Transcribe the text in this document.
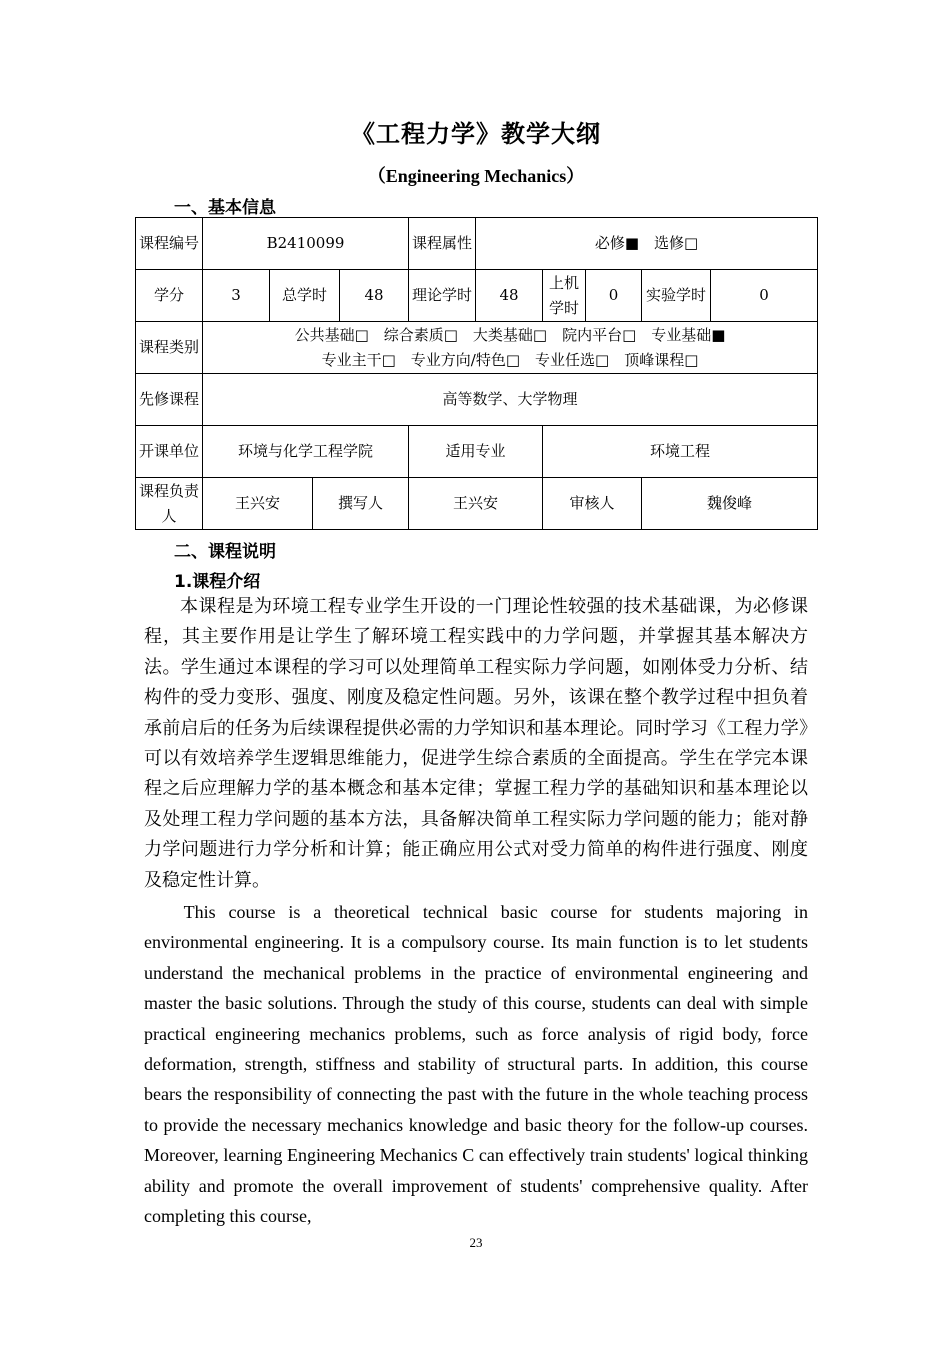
《工程力学》教学大纲
（Engineering Mechanics）
一、基本信息
课程编号	B2410099				课程属性	必修■　选修□				
学分	3	总学时		48	理论学时	48	上机学时	0	实验学时	0
课程类别	公共基础□　综合素质□　大类基础□　院内平台□　专业基础■
专业主干□　专业方向/特色□　专业任选□　顶峰课程□									

先修课程	高等数学、大学物理									
开课单位	环境与化学工程学院				适用专业		环境工程			
课程负责人	王兴安		撰写人		王兴安		审核人		魏俊峰	
二、课程说明
1.课程介绍

本课程是为环境工程专业学生开设的一门理论性较强的技术基础课，为必修课程，其主要作用是让学生了解环境工程实践中的力学问题，并掌握其基本解决方法。学生通过本课程的学习可以处理简单工程实际力学问题，如刚体受力分析、结构件的受力变形、强度、刚度及稳定性问题。另外，该课在整个教学过程中担负着承前启后的任务为后续课程提供必需的力学知识和基本理论。同时学习《工程力学》可以有效培养学生逻辑思维能力，促进学生综合素质的全面提高。学生在学完本课程之后应理解力学的基本概念和基本定律；掌握工程力学的基础知识和基本理论以及处理工程力学问题的基本方法，具备解决简单工程实际力学问题的能力；能对静力学问题进行力学分析和计算；能正确应用公式对受力简单的构件进行强度、刚度及稳定性计算。

This course is a theoretical technical basic course for students majoring in environmental engineering. It is a compulsory course. Its main function is to let students understand the mechanical problems in the practice of environmental engineering and master the basic solutions. Through the study of this course, students can deal with simple practical engineering mechanics problems, such as force analysis of rigid body, force deformation, strength, stiffness and stability of structural parts. In addition, this course bears the responsibility of connecting the past with the future in the whole teaching process to provide the necessary mechanics knowledge and basic theory for the follow-up courses. Moreover, learning Engineering Mechanics C can effectively train students' logical thinking ability and promote the overall improvement of students' comprehensive quality. After completing this course,

23
